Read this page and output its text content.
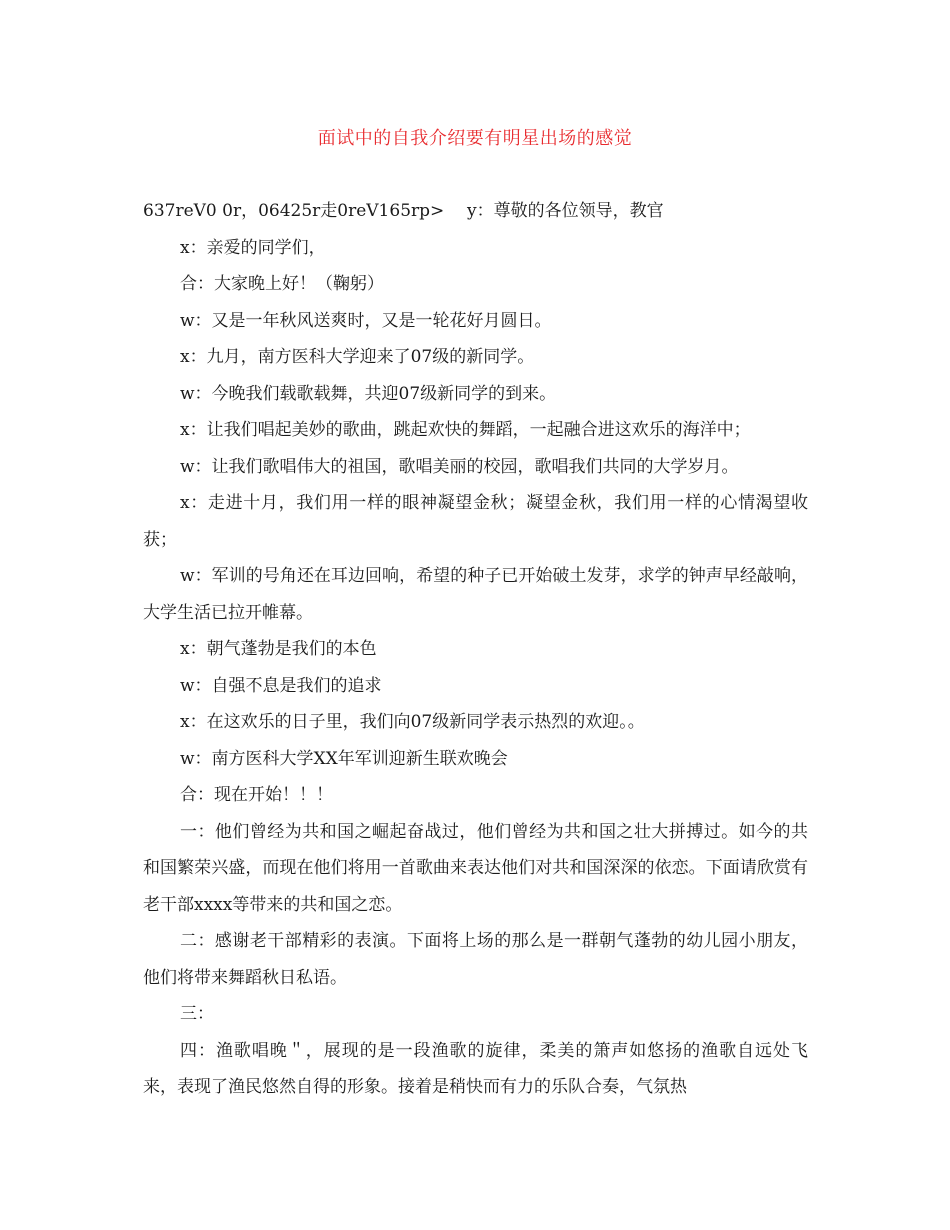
面试中的自我介绍要有明星出场的感觉

637reV0 0r，06425r走0reV165rp> y：尊敬的各位领导，教官

x：亲爱的同学们，

合：大家晚上好！（鞠躬）

w：又是一年秋风送爽时，又是一轮花好月圆日。

x：九月，南方医科大学迎来了07级的新同学。

w：今晚我们载歌载舞，共迎07级新同学的到来。

x：让我们唱起美妙的歌曲，跳起欢快的舞蹈，一起融合进这欢乐的海洋中；

w：让我们歌唱伟大的祖国，歌唱美丽的校园，歌唱我们共同的大学岁月。

x：走进十月，我们用一样的眼神凝望金秋；凝望金秋，我们用一样的心情渴望收获；

w：军训的号角还在耳边回响，希望的种子已开始破土发芽，求学的钟声早经敲响，大学生活已拉开帷幕。

x：朝气蓬勃是我们的本色

w：自强不息是我们的追求

x：在这欢乐的日子里，我们向07级新同学表示热烈的欢迎。。

w：南方医科大学XX年军训迎新生联欢晚会

合：现在开始！！！

一：他们曾经为共和国之崛起奋战过，他们曾经为共和国之壮大拼搏过。如今的共和国繁荣兴盛，而现在他们将用一首歌曲来表达他们对共和国深深的依恋。下面请欣赏有老干部xxxx等带来的共和国之恋。

二：感谢老干部精彩的表演。下面将上场的那么是一群朝气蓬勃的幼儿园小朋友，他们将带来舞蹈秋日私语。

三：

四：渔歌唱晚＂，展现的是一段渔歌的旋律，柔美的箫声如悠扬的渔歌自远处飞来，表现了渔民悠然自得的形象。接着是稍快而有力的乐队合奏，气氛热
